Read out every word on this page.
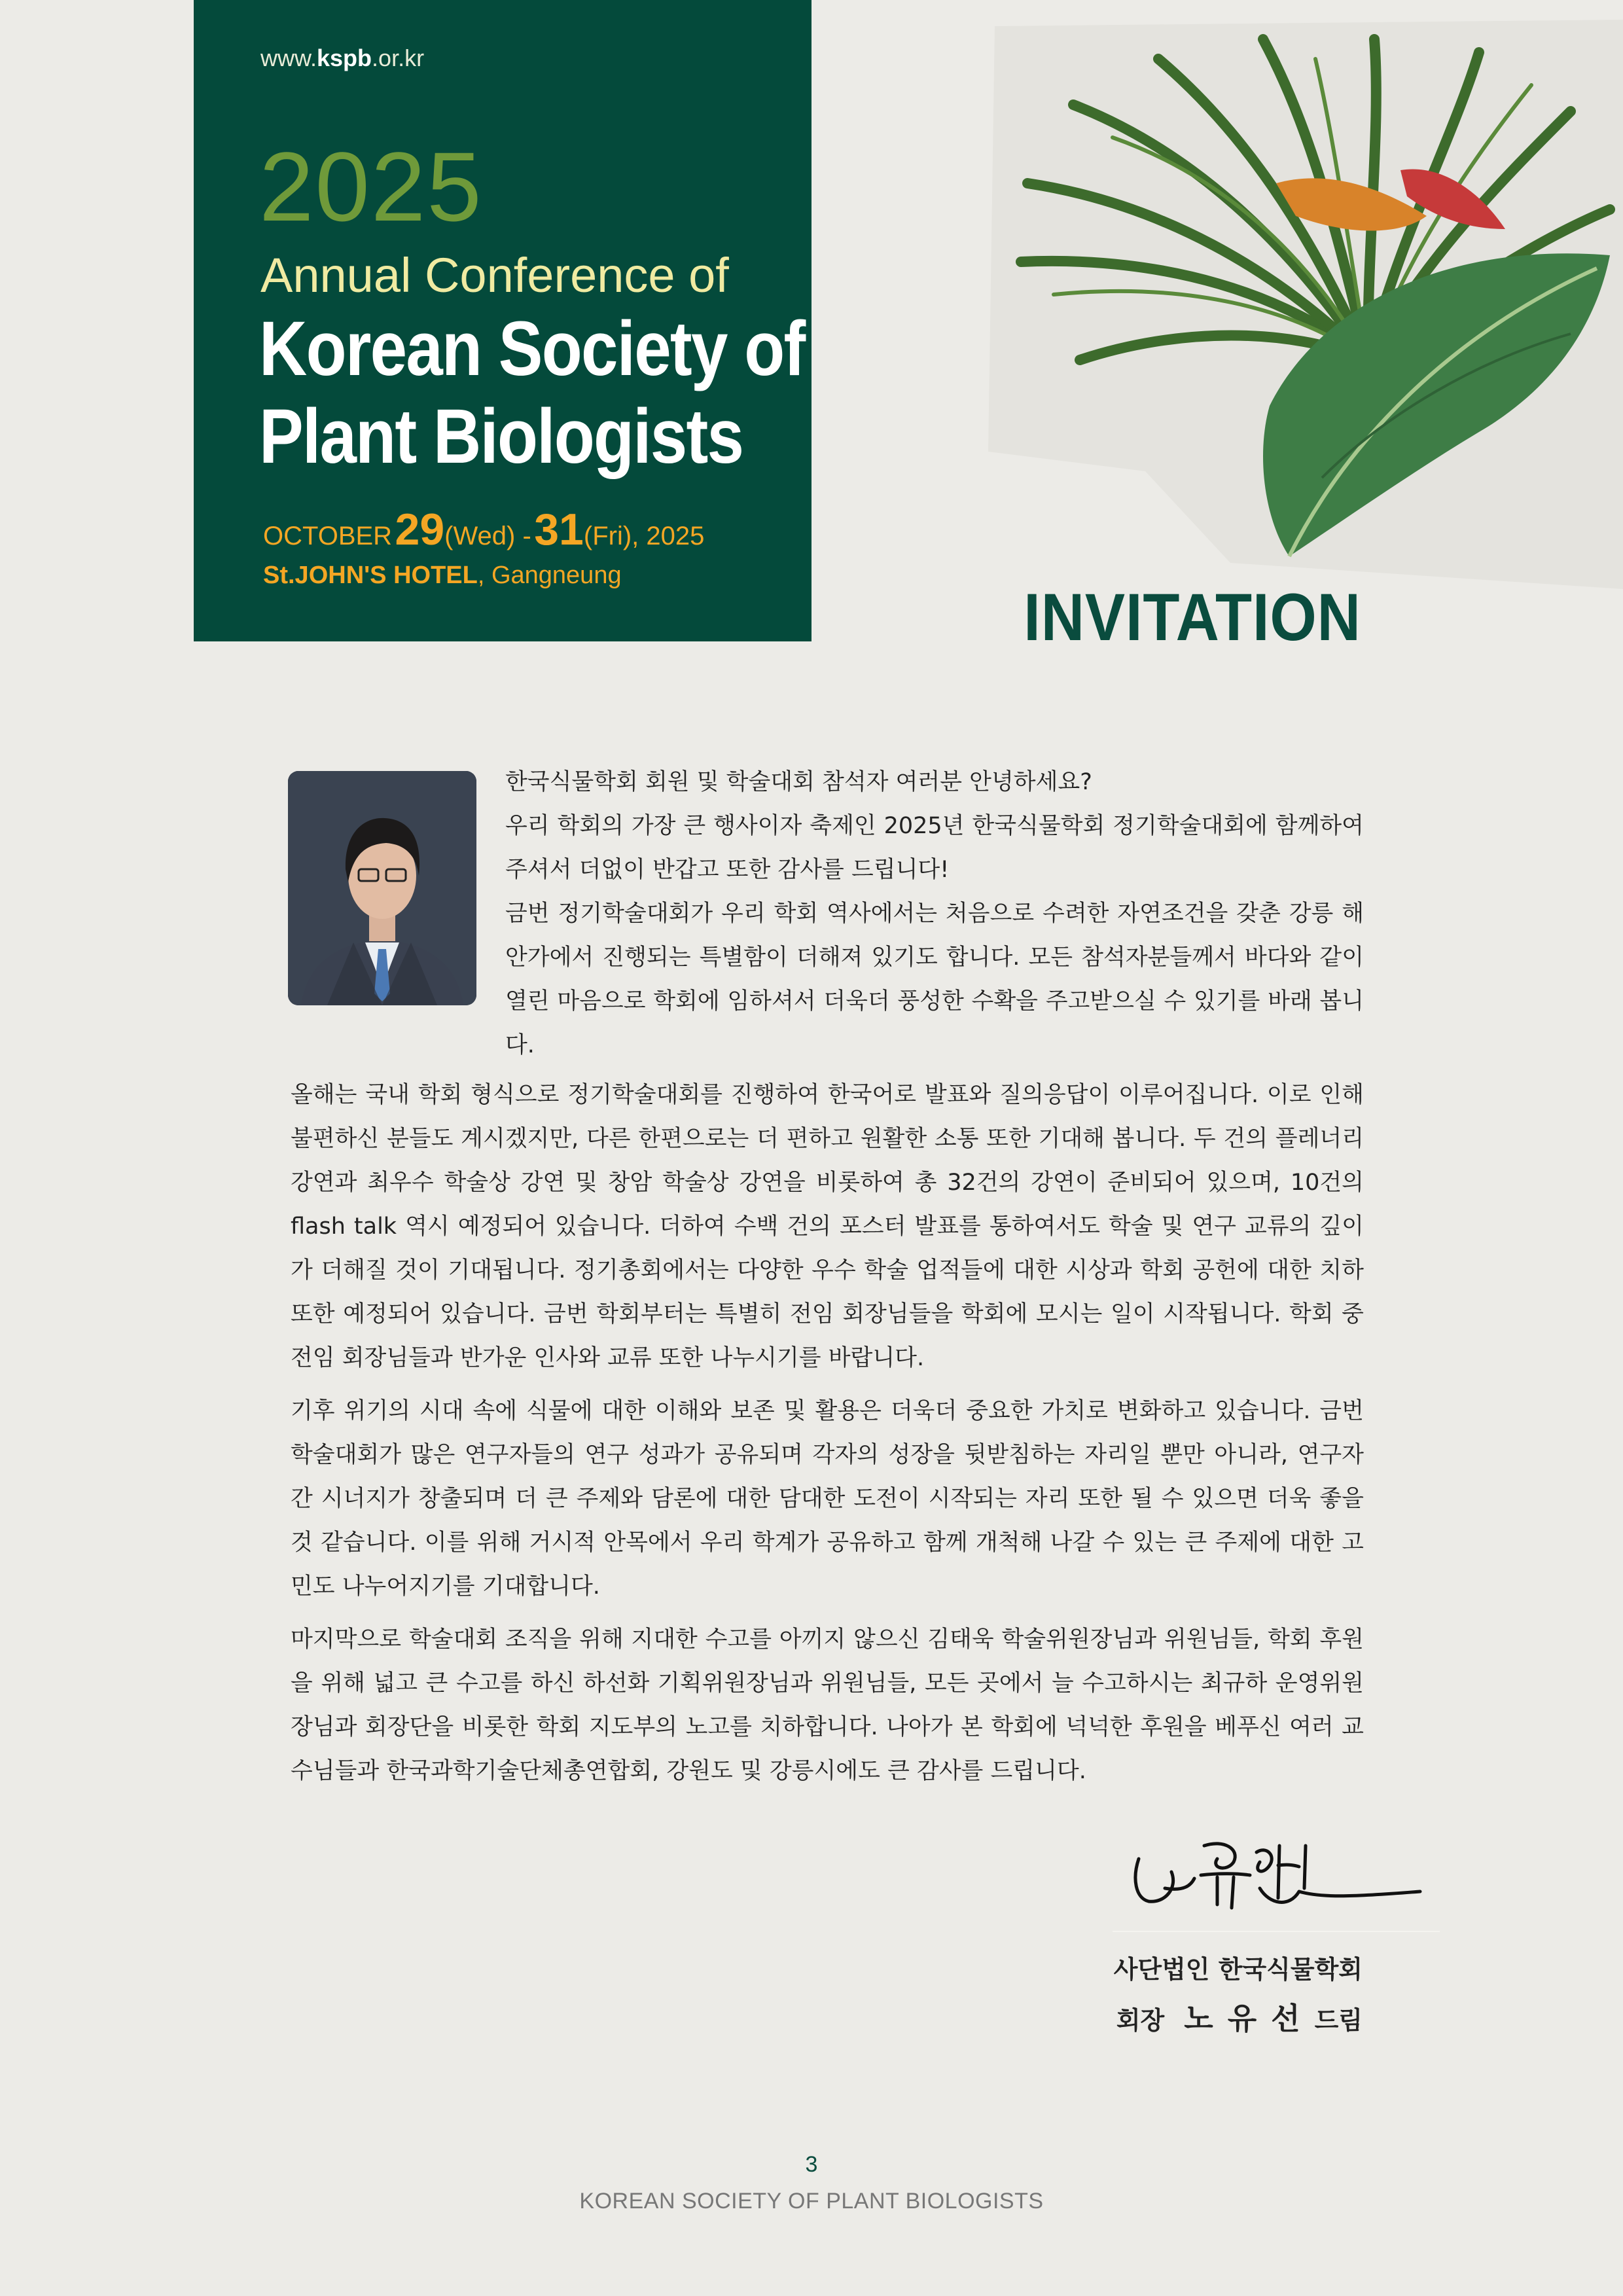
www.kspb.or.kr
2025
Annual Conference of
Korean Society of
Plant Biologists
OCTOBER 29(Wed) - 31(Fri), 2025
St.JOHN'S HOTEL, Gangneung
INVITATION

한국식물학회 회원 및 학술대회 참석자 여러분 안녕하세요?

우리 학회의 가장 큰 행사이자 축제인 2025년 한국식물학회 정기학술대회에 함께하여 주셔서 더없이 반갑고 또한 감사를 드립니다!

금번 정기학술대회가 우리 학회 역사에서는 처음으로 수려한 자연조건을 갖춘 강릉 해안가에서 진행되는 특별함이 더해져 있기도 합니다. 모든 참석자분들께서 바다와 같이 열린 마음으로 학회에 임하셔서 더욱더 풍성한 수확을 주고받으실 수 있기를 바래 봅니다.

올해는 국내 학회 형식으로 정기학술대회를 진행하여 한국어로 발표와 질의응답이 이루어집니다. 이로 인해 불편하신 분들도 계시겠지만, 다른 한편으로는 더 편하고 원활한 소통 또한 기대해 봅니다. 두 건의 플레너리 강연과 최우수 학술상 강연 및 창암 학술상 강연을 비롯하여 총 32건의 강연이 준비되어 있으며, 10건의 flash talk 역시 예정되어 있습니다. 더하여 수백 건의 포스터 발표를 통하여서도 학술 및 연구 교류의 깊이가 더해질 것이 기대됩니다. 정기총회에서는 다양한 우수 학술 업적들에 대한 시상과 학회 공헌에 대한 치하 또한 예정되어 있습니다. 금번 학회부터는 특별히 전임 회장님들을 학회에 모시는 일이 시작됩니다. 학회 중 전임 회장님들과 반가운 인사와 교류 또한 나누시기를 바랍니다.

기후 위기의 시대 속에 식물에 대한 이해와 보존 및 활용은 더욱더 중요한 가치로 변화하고 있습니다. 금번 학술대회가 많은 연구자들의 연구 성과가 공유되며 각자의 성장을 뒷받침하는 자리일 뿐만 아니라, 연구자 간 시너지가 창출되며 더 큰 주제와 담론에 대한 담대한 도전이 시작되는 자리 또한 될 수 있으면 더욱 좋을 것 같습니다. 이를 위해 거시적 안목에서 우리 학계가 공유하고 함께 개척해 나갈 수 있는 큰 주제에 대한 고민도 나누어지기를 기대합니다.

마지막으로 학술대회 조직을 위해 지대한 수고를 아끼지 않으신 김태욱 학술위원장님과 위원님들, 학회 후원을 위해 넓고 큰 수고를 하신 하선화 기획위원장님과 위원님들, 모든 곳에서 늘 수고하시는 최규하 운영위원장님과 회장단을 비롯한 학회 지도부의 노고를 치하합니다. 나아가 본 학회에 넉넉한 후원을 베푸신 여러 교수님들과 한국과학기술단체총연합회, 강원도 및 강릉시에도 큰 감사를 드립니다.

사단법인 한국식물학회
회장 노유선드림
3
KOREAN SOCIETY OF PLANT BIOLOGISTS
